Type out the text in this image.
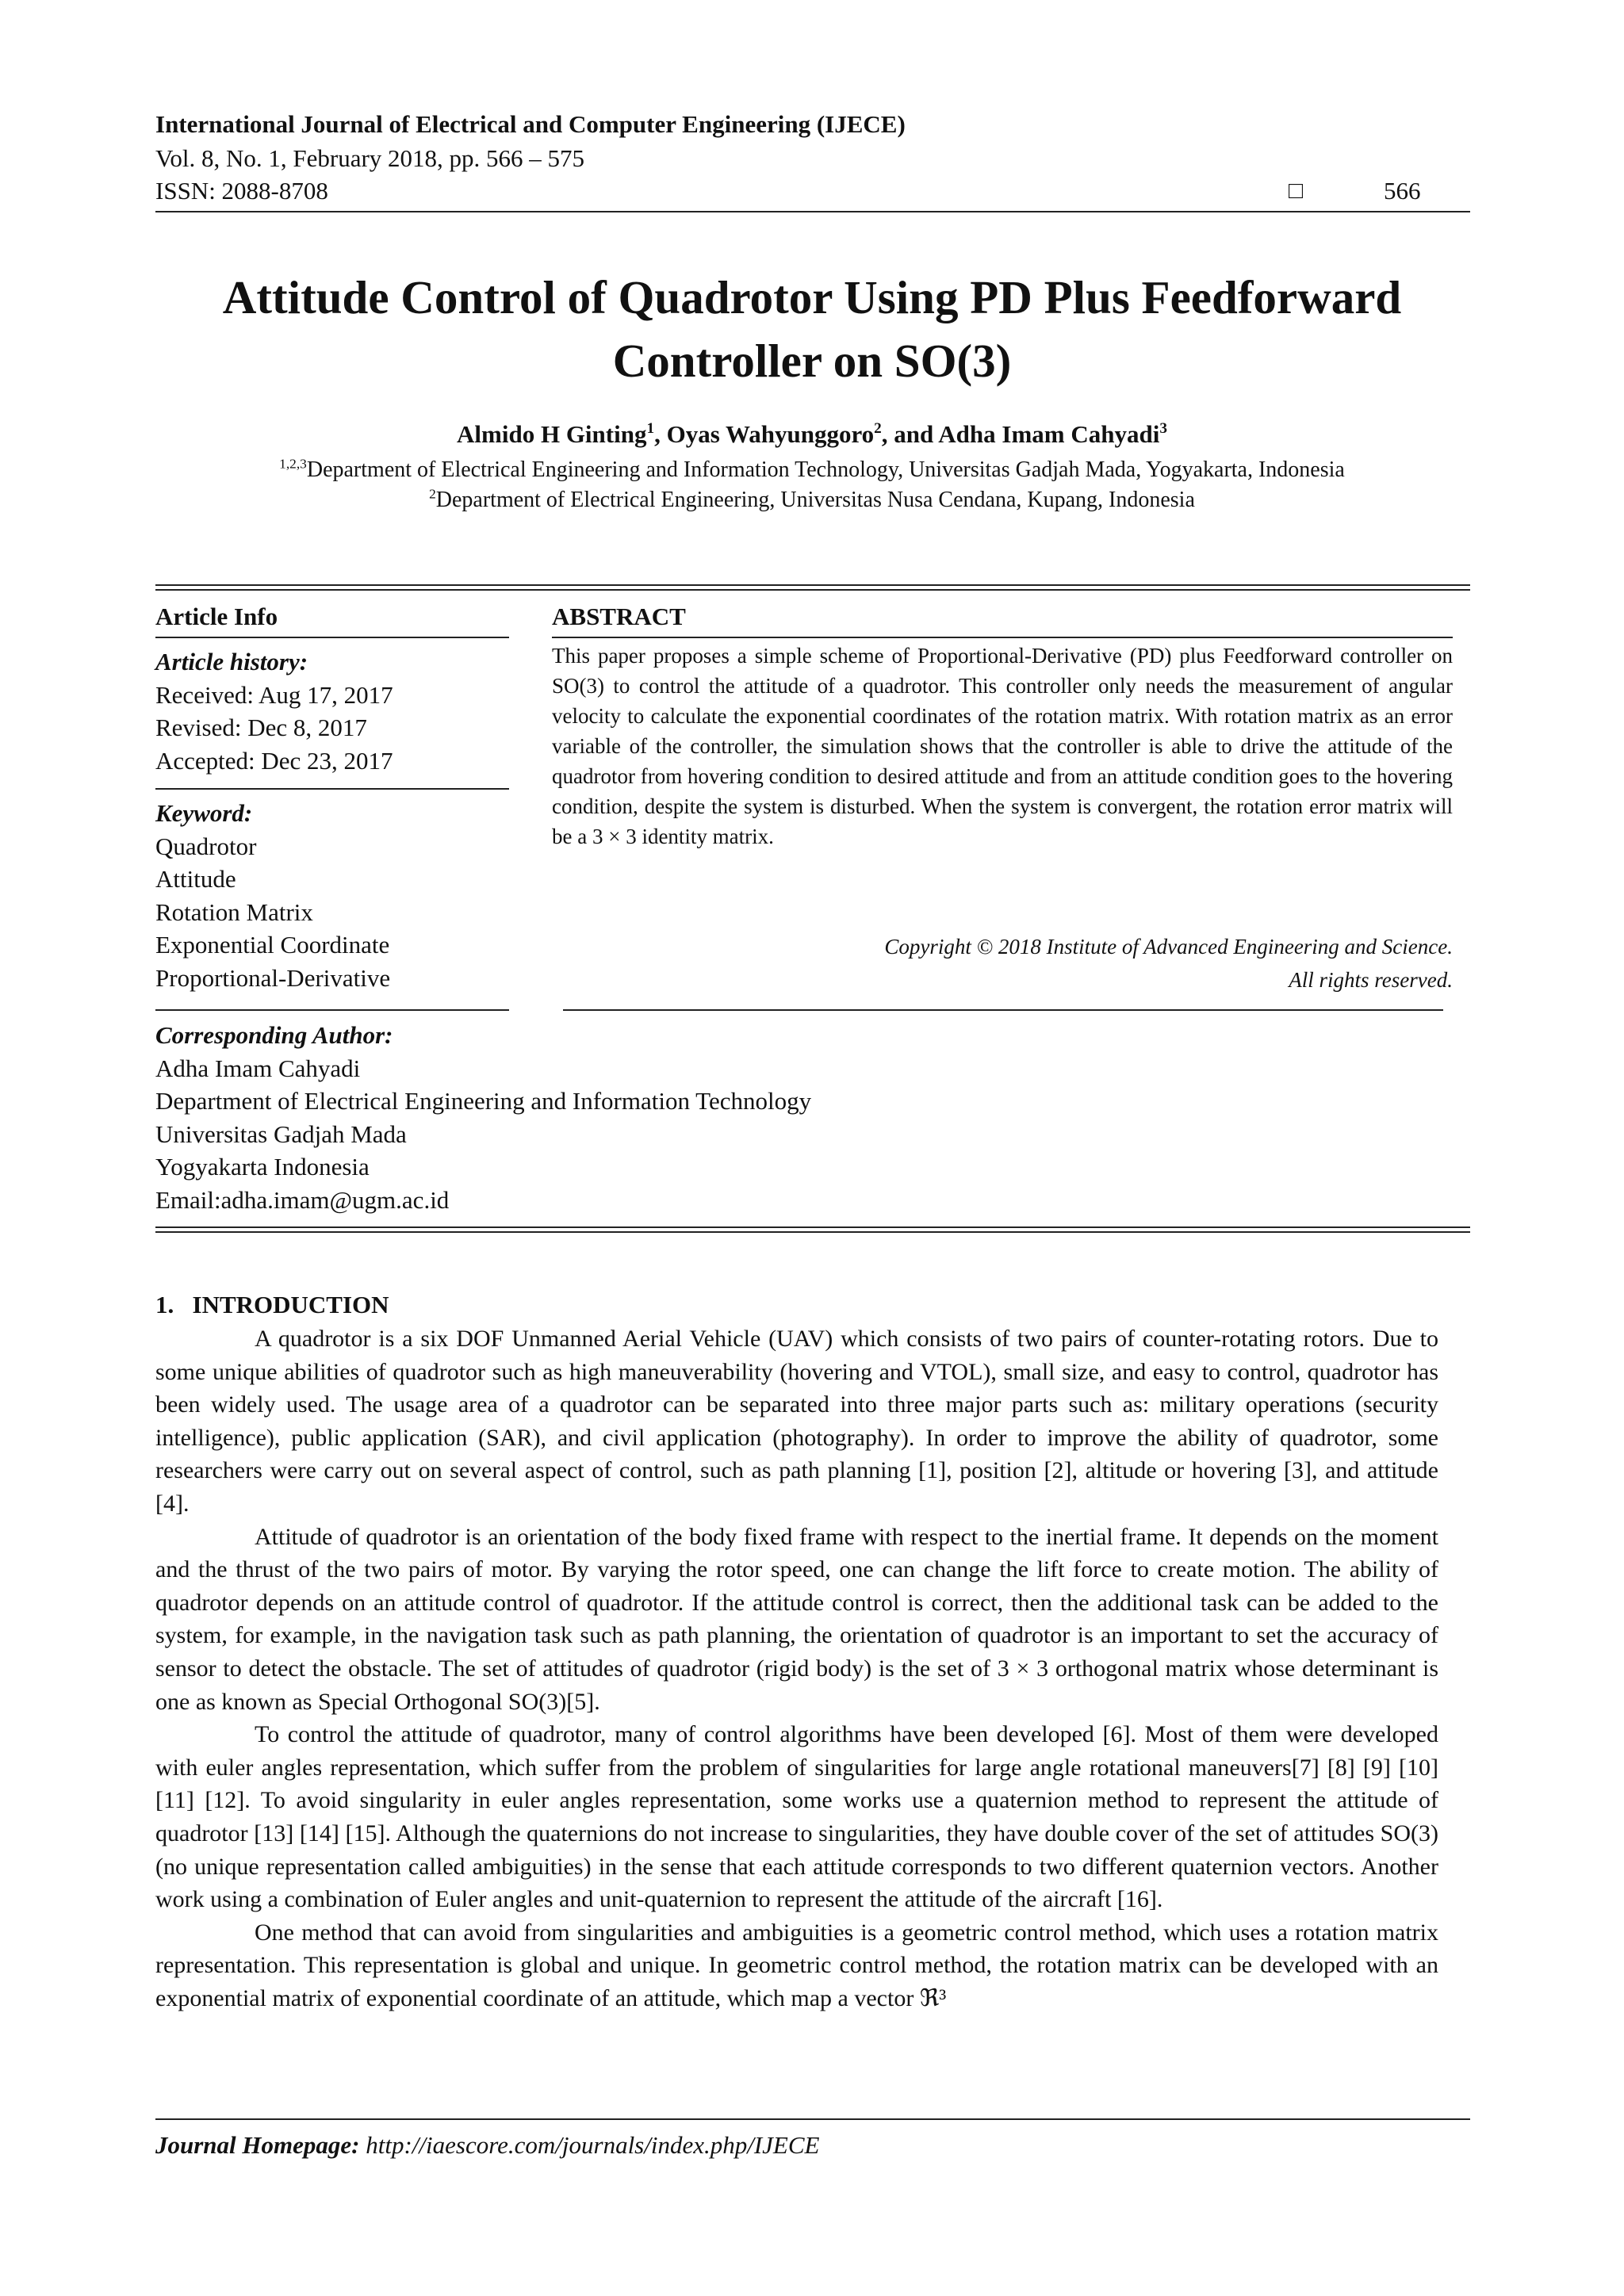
International Journal of Electrical and Computer Engineering (IJECE)
Vol. 8, No. 1, February 2018, pp. 566 – 575
ISSN: 2088-8708	□	566
Attitude Control of Quadrotor Using PD Plus Feedforward
Controller on SO(3)
Almido H Ginting$^1$, Oyas Wahyunggoro$^2$, and Adha Imam Cahyadi$^3$
$^{1,2,3}$Department of Electrical Engineering and Information Technology, Universitas Gadjah Mada, Yogyakarta, Indonesia
$^2$Department of Electrical Engineering, Universitas Nusa Cendana, Kupang, Indonesia
Article Info
Article history:
Received: Aug 17, 2017
Revised: Dec 8, 2017
Accepted: Dec 23, 2017
Keyword:
Quadrotor
Attitude
Rotation Matrix
Exponential Coordinate
Proportional-Derivative
ABSTRACT
This paper proposes a simple scheme of Proportional-Derivative (PD) plus Feedforward controller on SO(3) to control the attitude of a quadrotor. This controller only needs the measurement of angular velocity to calculate the exponential coordinates of the rotation matrix. With rotation matrix as an error variable of the controller, the simulation shows that the controller is able to drive the attitude of the quadrotor from hovering condition to desired attitude and from an attitude condition goes to the hovering condition, despite the system is disturbed. When the system is convergent, the rotation error matrix will be a 3 × 3 identity matrix.
Copyright © 2018 Institute of Advanced Engineering and Science.
All rights reserved.
Corresponding Author:
Adha Imam Cahyadi
Department of Electrical Engineering and Information Technology
Universitas Gadjah Mada
Yogyakarta Indonesia
Email:adha.imam@ugm.ac.id
1.   INTRODUCTION

A quadrotor is a six DOF Unmanned Aerial Vehicle (UAV) which consists of two pairs of counter-rotating rotors. Due to some unique abilities of quadrotor such as high maneuverability (hovering and VTOL), small size, and easy to control, quadrotor has been widely used. The usage area of a quadrotor can be separated into three major parts such as: military operations (security intelligence), public application (SAR), and civil application (photography). In order to improve the ability of quadrotor, some researchers were carry out on several aspect of control, such as path planning [1], position [2], altitude or hovering [3], and attitude [4].

Attitude of quadrotor is an orientation of the body fixed frame with respect to the inertial frame. It depends on the moment and the thrust of the two pairs of motor. By varying the rotor speed, one can change the lift force to create motion. The ability of quadrotor depends on an attitude control of quadrotor. If the attitude control is correct, then the additional task can be added to the system, for example, in the navigation task such as path planning, the orientation of quadrotor is an important to set the accuracy of sensor to detect the obstacle. The set of attitudes of quadrotor (rigid body) is the set of 3 × 3 orthogonal matrix whose determinant is one as known as Special Orthogonal SO(3)[5].

To control the attitude of quadrotor, many of control algorithms have been developed [6]. Most of them were developed with euler angles representation, which suffer from the problem of singularities for large angle rotational maneuvers[7] [8] [9] [10][11] [12]. To avoid singularity in euler angles representation, some works use a quaternion method to represent the attitude of quadrotor [13] [14] [15]. Although the quaternions do not increase to singularities, they have double cover of the set of attitudes SO(3) (no unique representation called ambiguities) in the sense that each attitude corresponds to two different quaternion vectors. Another work using a combination of Euler angles and unit-quaternion to represent the attitude of the aircraft [16].

One method that can avoid from singularities and ambiguities is a geometric control method, which uses a rotation matrix representation. This representation is global and unique. In geometric control method, the rotation matrix can be developed with an exponential matrix of exponential coordinate of an attitude, which map a vector ℜ³

Journal Homepage: http://iaescore.com/journals/index.php/IJECE
